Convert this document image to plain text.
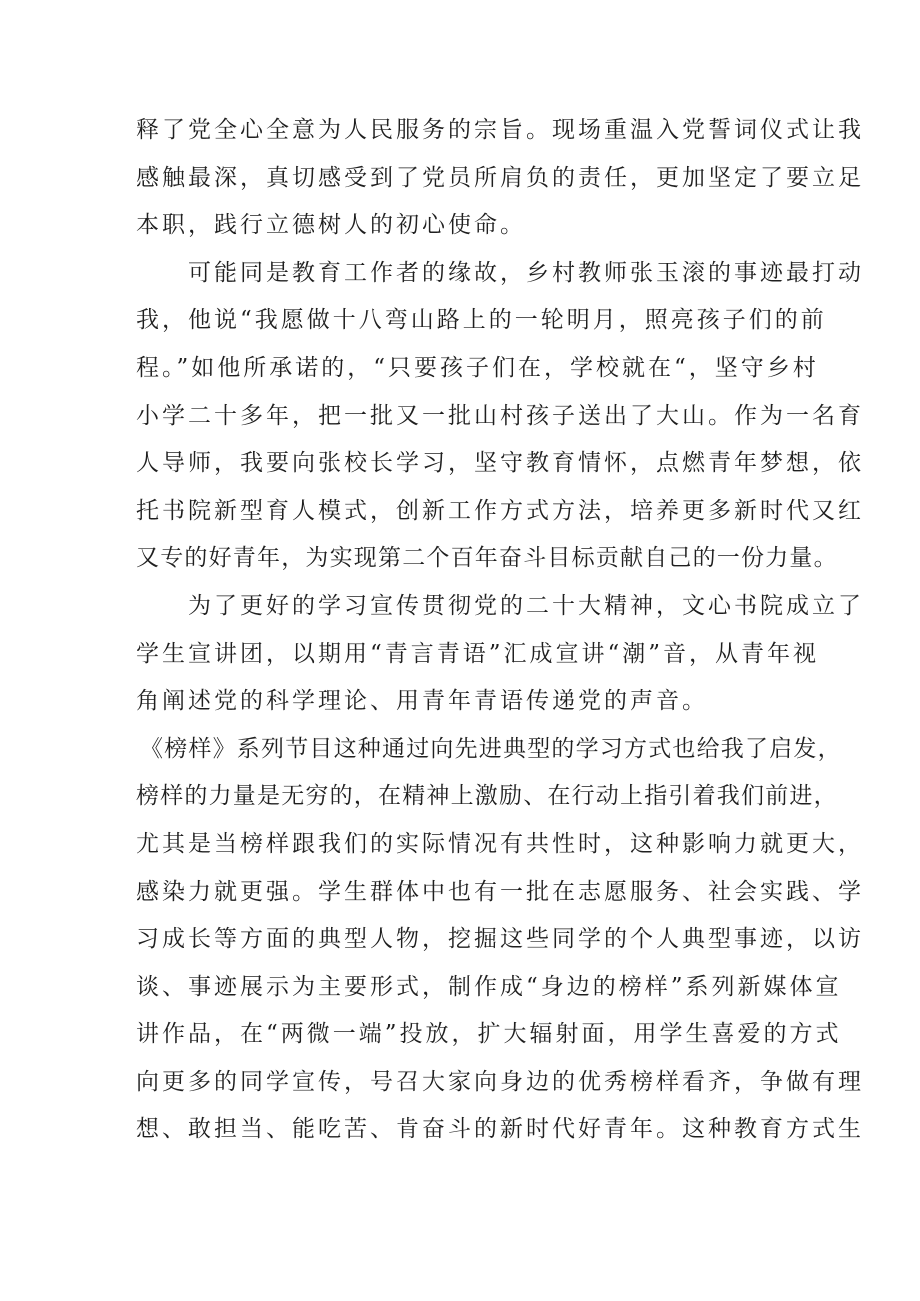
释了党全心全意为人民服务的宗旨。现场重温入党誓词仪式让我
感触最深，真切感受到了党员所肩负的责任，更加坚定了要立足
本职，践行立德树人的初心使命。
可能同是教育工作者的缘故，乡村教师张玉滚的事迹最打动
我，他说“我愿做十八弯山路上的一轮明月，照亮孩子们的前
程。”如他所承诺的，“只要孩子们在，学校就在“，坚守乡村
小学二十多年，把一批又一批山村孩子送出了大山。作为一名育
人导师，我要向张校长学习，坚守教育情怀，点燃青年梦想，依
托书院新型育人模式，创新工作方式方法，培养更多新时代又红
又专的好青年，为实现第二个百年奋斗目标贡献自己的一份力量。
为了更好的学习宣传贯彻党的二十大精神，文心书院成立了
学生宣讲团，以期用“青言青语”汇成宣讲“潮”音，从青年视
角阐述党的科学理论、用青年青语传递党的声音。
《榜样》系列节目这种通过向先进典型的学习方式也给我了启发，
榜样的力量是无穷的，在精神上激励、在行动上指引着我们前进，
尤其是当榜样跟我们的实际情况有共性时，这种影响力就更大，
感染力就更强。学生群体中也有一批在志愿服务、社会实践、学
习成长等方面的典型人物，挖掘这些同学的个人典型事迹，以访
谈、事迹展示为主要形式，制作成“身边的榜样”系列新媒体宣
讲作品，在“两微一端”投放，扩大辐射面，用学生喜爱的方式
向更多的同学宣传，号召大家向身边的优秀榜样看齐，争做有理
想、敢担当、能吃苦、肯奋斗的新时代好青年。这种教育方式生
